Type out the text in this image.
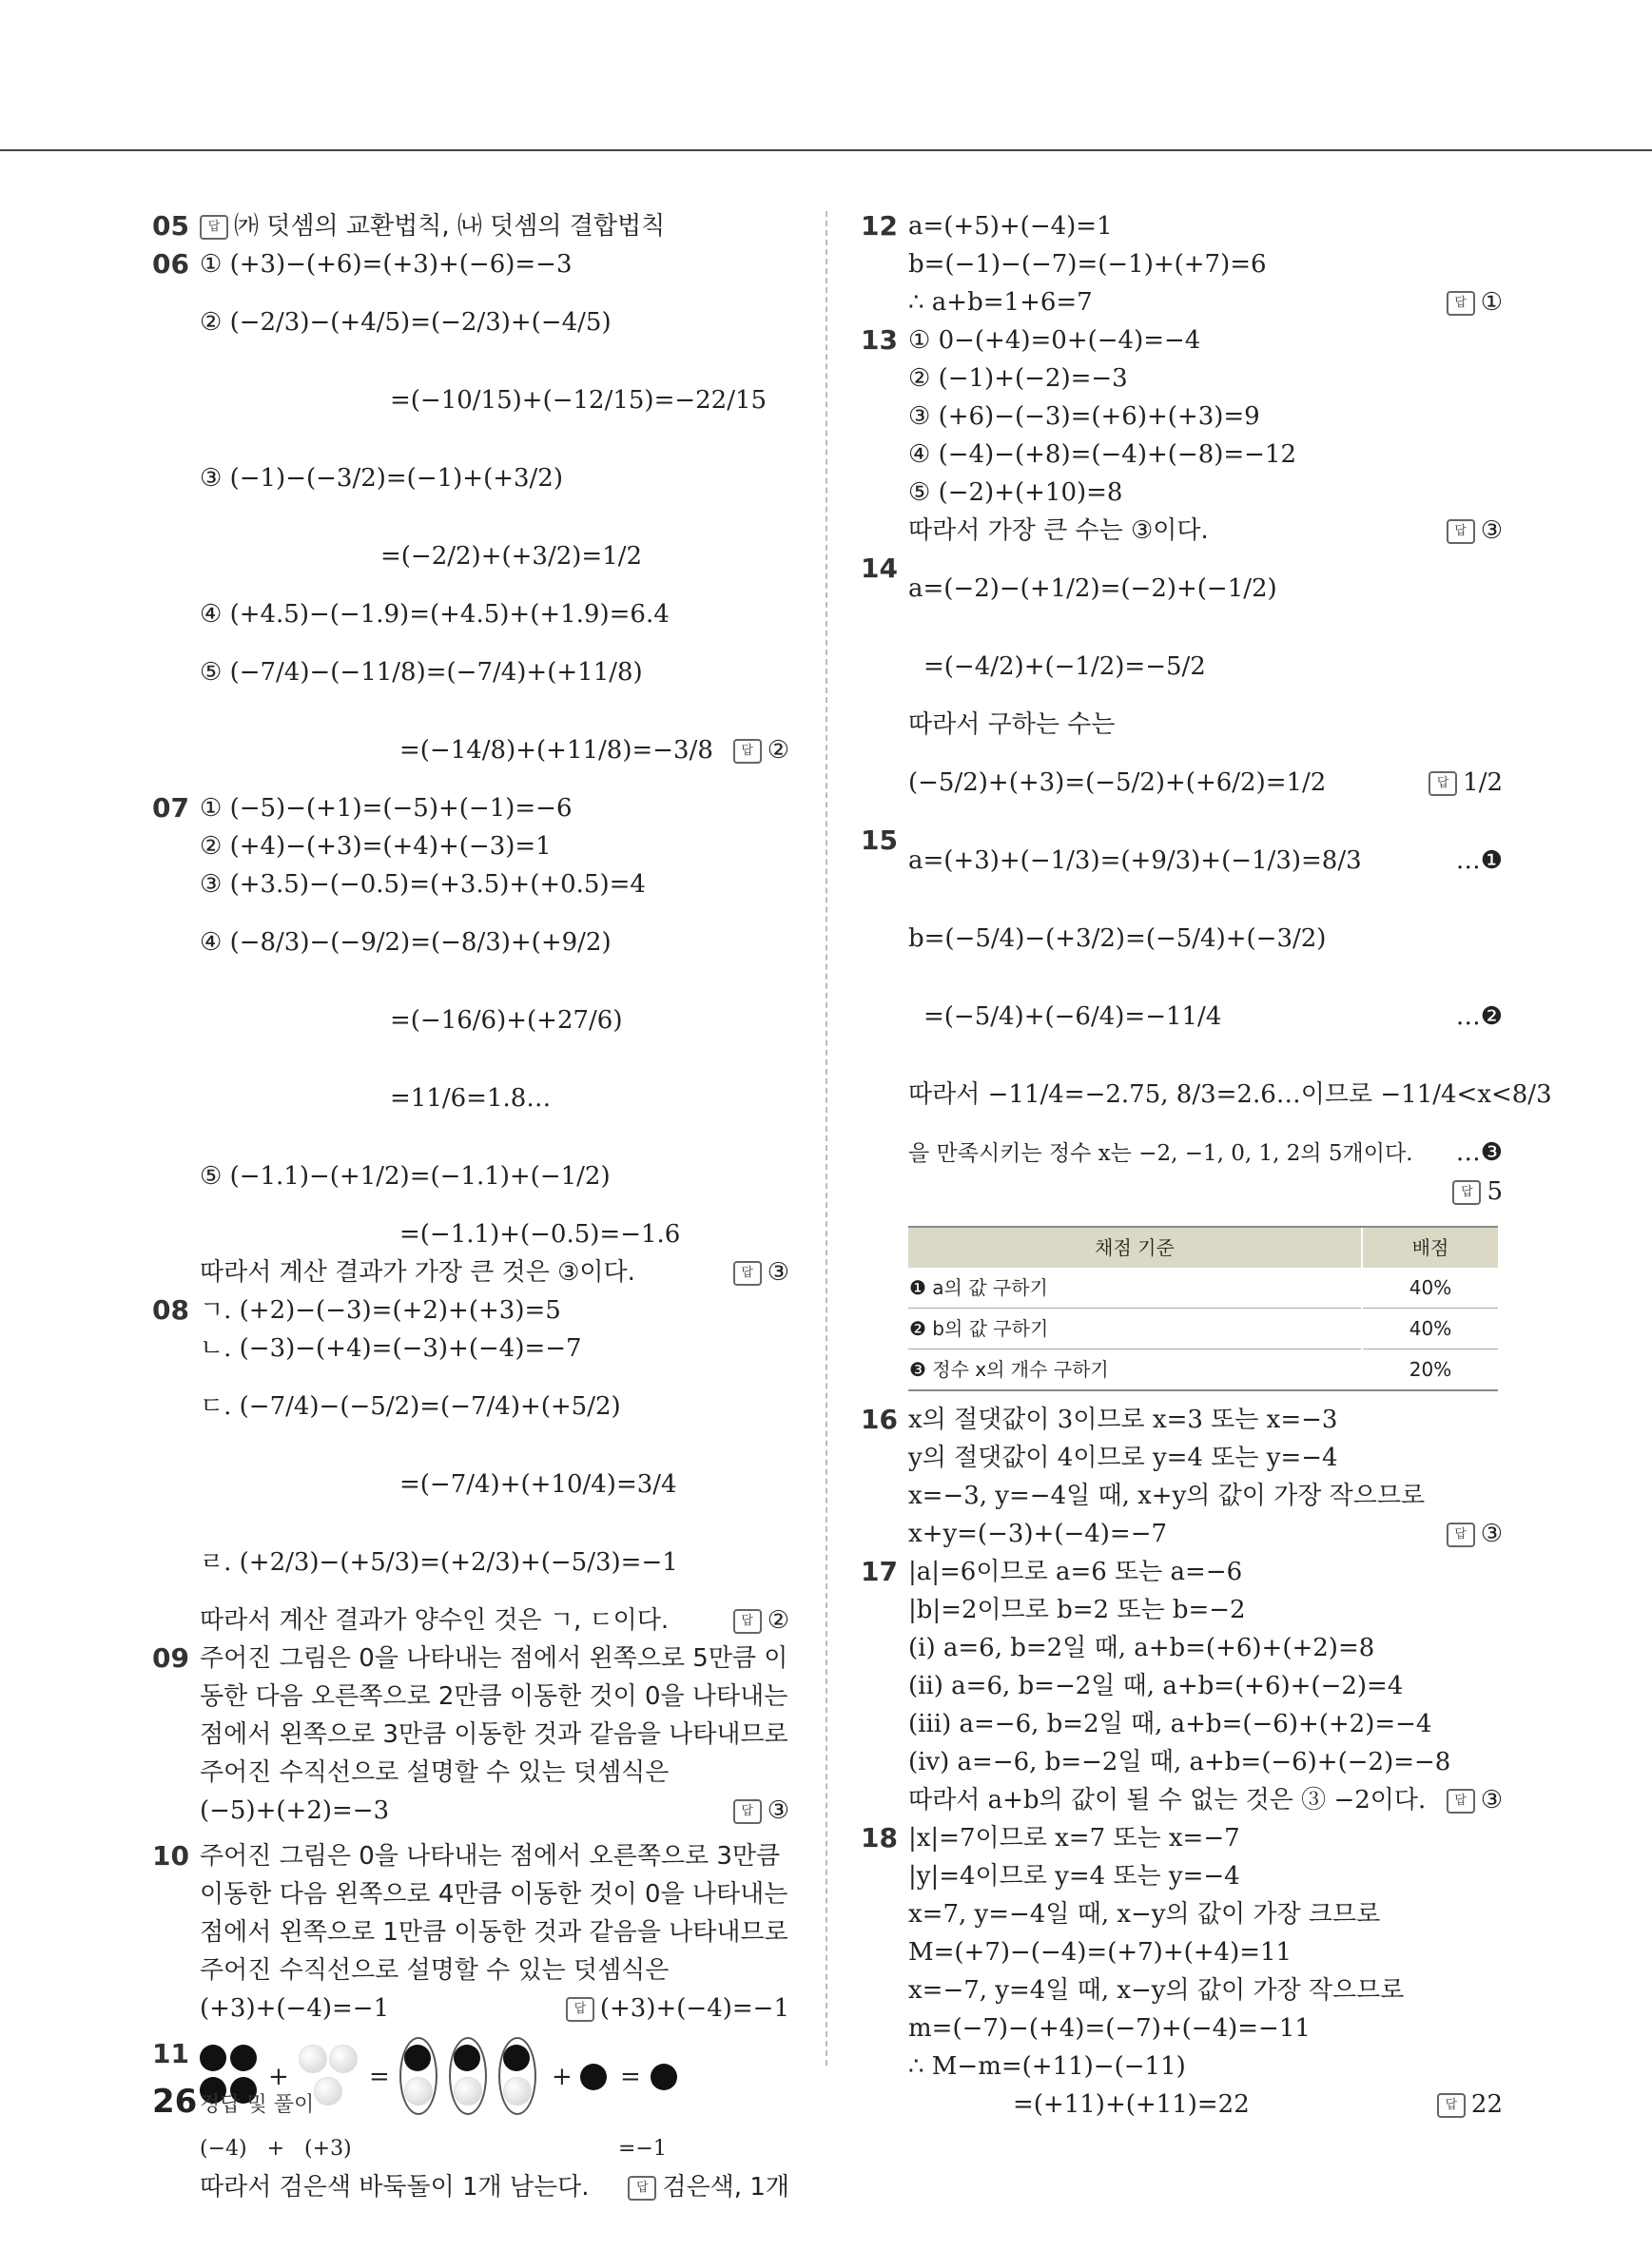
05	답 ㈎ 덧셈의 교환법칙, ㈏ 덧셈의 결합법칙
06 ① (+3)−(+6)=(+3)+(−6)=−3
② (−2/3)−(+4/5)=(−2/3)+(−4/5)
=(−10/15)+(−12/15)=−22/15
③ (−1)−(−3/2)=(−1)+(+3/2)
=(−2/2)+(+3/2)=1/2
④ (+4.5)−(−1.9)=(+4.5)+(+1.9)=6.4
⑤ (−7/4)−(−11/8)=(−7/4)+(+11/8)
=(−14/8)+(+11/8)=−3/8	답 ②
07 ① (−5)−(+1)=(−5)+(−1)=−6
② (+4)−(+3)=(+4)+(−3)=1
③ (+3.5)−(−0.5)=(+3.5)+(+0.5)=4
④ (−8/3)−(−9/2)=(−8/3)+(+9/2)
=(−16/6)+(+27/6)
=11/6=1.8…
⑤ (−1.1)−(+1/2)=(−1.1)+(−1/2)
=(−1.1)+(−0.5)=−1.6
따라서 계산 결과가 가장 큰 것은 ③이다.	답 ③
08 ㄱ. (+2)−(−3)=(+2)+(+3)=5
ㄴ. (−3)−(+4)=(−3)+(−4)=−7
ㄷ. (−7/4)−(−5/2)=(−7/4)+(+5/2)
=(−7/4)+(+10/4)=3/4
ㄹ. (+2/3)−(+5/3)=(+2/3)+(−5/3)=−1
따라서 계산 결과가 양수인 것은 ㄱ, ㄷ이다.	답 ②
09 주어진 그림은 0을 나타내는 점에서 왼쪽으로 5만큼 이동한 다음 오른쪽으로 2만큼 이동한 것이 0을 나타내는 점에서 왼쪽으로 3만큼 이동한 것과 같음을 나타내므로 주어진 수직선으로 설명할 수 있는 덧셈식은
(−5)+(+2)=−3	답 ③
10 주어진 그림은 0을 나타내는 점에서 오른쪽으로 3만큼 이동한 다음 왼쪽으로 4만큼 이동한 것이 0을 나타내는 점에서 왼쪽으로 1만큼 이동한 것과 같음을 나타내므로 주어진 수직선으로 설명할 수 있는 덧셈식은
(+3)+(−4)=−1	답 (+3)+(−4)=−1
11
+	=	+ =
(−4) + (+3)	=−1
따라서 검은색 바둑돌이 1개 남는다.	답 검은색, 1개
12 a=(+5)+(−4)=1
b=(−1)−(−7)=(−1)+(+7)=6
∴ a+b=1+6=7	답 ①
13 ① 0−(+4)=0+(−4)=−4
② (−1)+(−2)=−3
③ (+6)−(−3)=(+6)+(+3)=9
④ (−4)−(+8)=(−4)+(−8)=−12
⑤ (−2)+(+10)=8
따라서 가장 큰 수는 ③이다.	답 ③
14
a=(−2)−(+1/2)=(−2)+(−1/2)
=(−4/2)+(−1/2)=−5/2
따라서 구하는 수는
(−5/2)+(+3)=(−5/2)+(+6/2)=1/2	답 1/2
15
a=(+3)+(−1/3)=(+9/3)+(−1/3)=8/3	…❶
b=(−5/4)−(+3/2)=(−5/4)+(−3/2)
=(−5/4)+(−6/4)=−11/4	…❷
따라서 −11/4=−2.75, 8/3=2.6…이므로 −11/4<x<8/3
을 만족시키는 정수 x는 −2, −1, 0, 1, 2의 5개이다. …❸
답 5
채점 기준	배점
❶ a의 값 구하기	40%
❷ b의 값 구하기	40%
❸ 정수 x의 개수 구하기	20%
16 x의 절댓값이 3이므로 x=3 또는 x=−3
y의 절댓값이 4이므로 y=4 또는 y=−4
x=−3, y=−4일 때, x+y의 값이 가장 작으므로
x+y=(−3)+(−4)=−7	답 ③
17 |a|=6이므로 a=6 또는 a=−6
|b|=2이므로 b=2 또는 b=−2
(ⅰ) a=6, b=2일 때, a+b=(+6)+(+2)=8
(ⅱ) a=6, b=−2일 때, a+b=(+6)+(−2)=4
(ⅲ) a=−6, b=2일 때, a+b=(−6)+(+2)=−4
(ⅳ) a=−6, b=−2일 때, a+b=(−6)+(−2)=−8
따라서 a+b의 값이 될 수 없는 것은 ③ −2이다.	답 ③
18 |x|=7이므로 x=7 또는 x=−7
|y|=4이므로 y=4 또는 y=−4
x=7, y=−4일 때, x−y의 값이 가장 크므로
M=(+7)−(−4)=(+7)+(+4)=11
x=−7, y=4일 때, x−y의 값이 가장 작으므로
m=(−7)−(+4)=(−7)+(−4)=−11
∴ M−m=(+11)−(−11)
=(+11)+(+11)=22	답 22
26 정답 및 풀이
